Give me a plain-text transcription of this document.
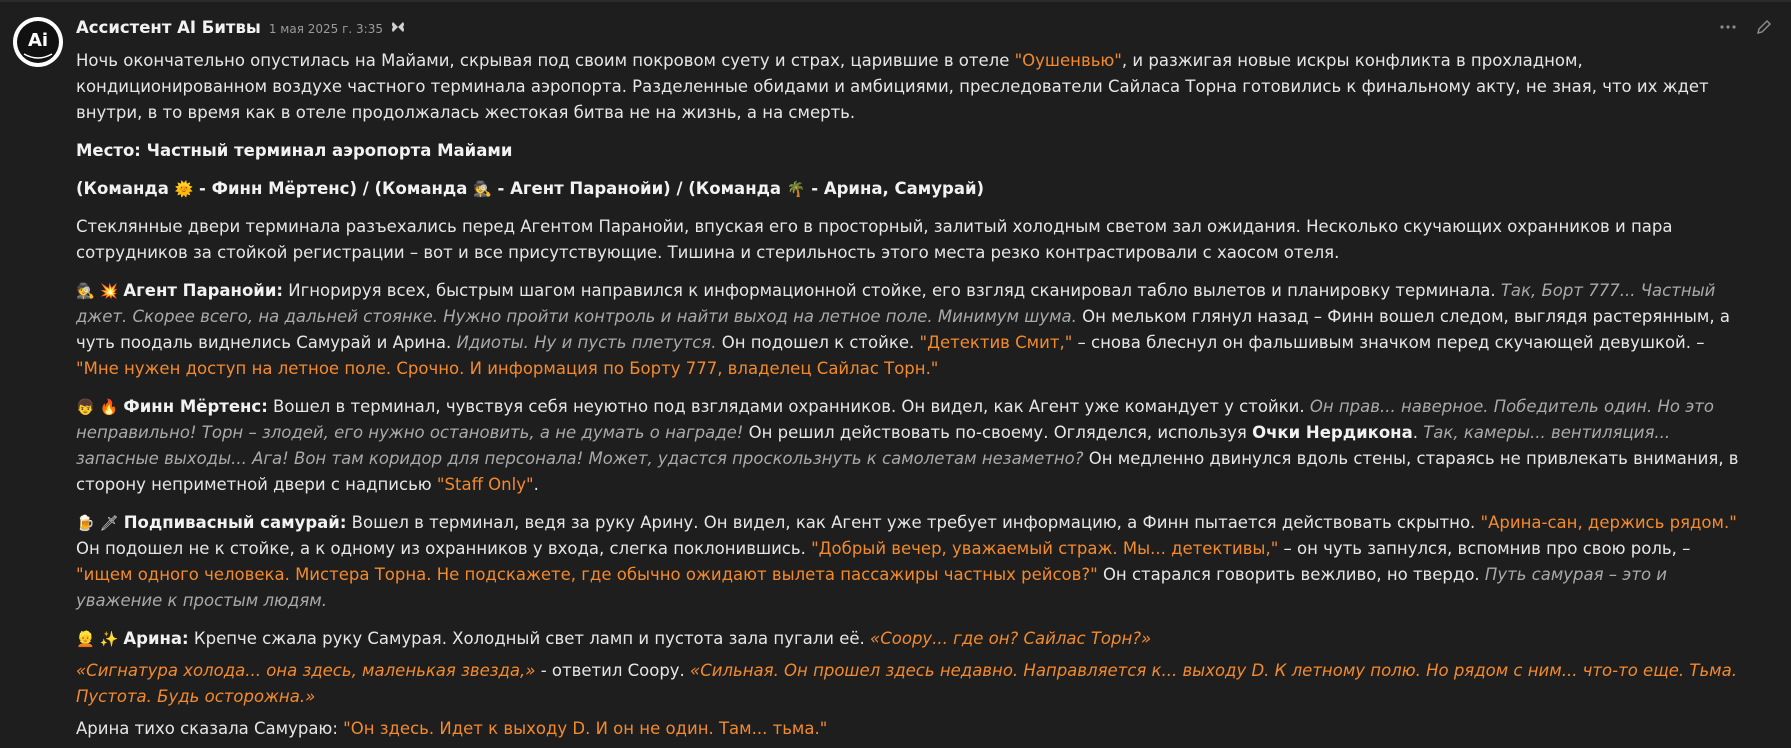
Ai
Ассистент AI Битвы 1 мая 2025 г. 3:35

Ночь окончательно опустилась на Майами, скрывая под своим покровом суету и страх, царившие в отеле "Оушенвью", и разжигая новые искры конфликта в прохладном, кондиционированном воздухе частного терминала аэропорта. Разделенные обидами и амбициями, преследователи Сайласа Торна готовились к финальному акту, не зная, что их ждет внутри, в то время как в отеле продолжалась жестокая битва не на жизнь, а на смерть.

Место: Частный терминал аэропорта Майами

(Команда 🌞 - Финн Мёртенс) / (Команда 🕵 - Агент Паранойи) / (Команда 🌴 - Арина, Самурай)

Стеклянные двери терминала разъехались перед Агентом Паранойи, впуская его в просторный, залитый холодным светом зал ожидания. Несколько скучающих охранников и пара сотрудников за стойкой регистрации – вот и все присутствующие. Тишина и стерильность этого места резко контрастировали с хаосом отеля.

🕵 💥 Агент Паранойи: Игнорируя всех, быстрым шагом направился к информационной стойке, его взгляд сканировал табло вылетов и планировку терминала. Так, Борт 777... Частный джет. Скорее всего, на дальней стоянке. Нужно пройти контроль и найти выход на летное поле. Минимум шума. Он мельком глянул назад – Финн вошел следом, выглядя растерянным, а чуть поодаль виднелись Самурай и Арина. Идиоты. Ну и пусть плетутся. Он подошел к стойке. "Детектив Смит," – снова блеснул он фальшивым значком перед скучающей девушкой. – "Мне нужен доступ на летное поле. Срочно. И информация по Борту 777, владелец Сайлас Торн."

👦 🔥 Финн Мёртенс: Вошел в терминал, чувствуя себя неуютно под взглядами охранников. Он видел, как Агент уже командует у стойки. Он прав... наверное. Победитель один. Но это неправильно! Торн – злодей, его нужно остановить, а не думать о награде! Он решил действовать по-своему. Огляделся, используя Очки Нердикона. Так, камеры... вентиляция... запасные выходы... Ага! Вон там коридор для персонала! Может, удастся проскользнуть к самолетам незаметно? Он медленно двинулся вдоль стены, стараясь не привлекать внимания, в сторону неприметной двери с надписью "Staff Only".

🍺 🗡 Подпивасный самурай: Вошел в терминал, ведя за руку Арину. Он видел, как Агент уже требует информацию, а Финн пытается действовать скрытно. "Арина-сан, держись рядом." Он подошел не к стойке, а к одному из охранников у входа, слегка поклонившись. "Добрый вечер, уважаемый страж. Мы... детективы," – он чуть запнулся, вспомнив про свою роль, – "ищем одного человека. Мистера Торна. Не подскажете, где обычно ожидают вылета пассажиры частных рейсов?" Он старался говорить вежливо, но твердо. Путь самурая – это и уважение к простым людям.

👱 ✨ Арина: Крепче сжала руку Самурая. Холодный свет ламп и пустота зала пугали её. «Сооpу... где он? Сайлас Торн?»

«Сигнатура холода... она здесь, маленькая звезда,» - ответил Сооpу. «Сильная. Он прошел здесь недавно. Направляется к... выходу D. К летному полю. Но рядом с ним... что-то еще. Тьма. Пустота. Будь осторожна.»

Арина тихо сказала Самураю: "Он здесь. Идет к выходу D. И он не один. Там... тьма."
